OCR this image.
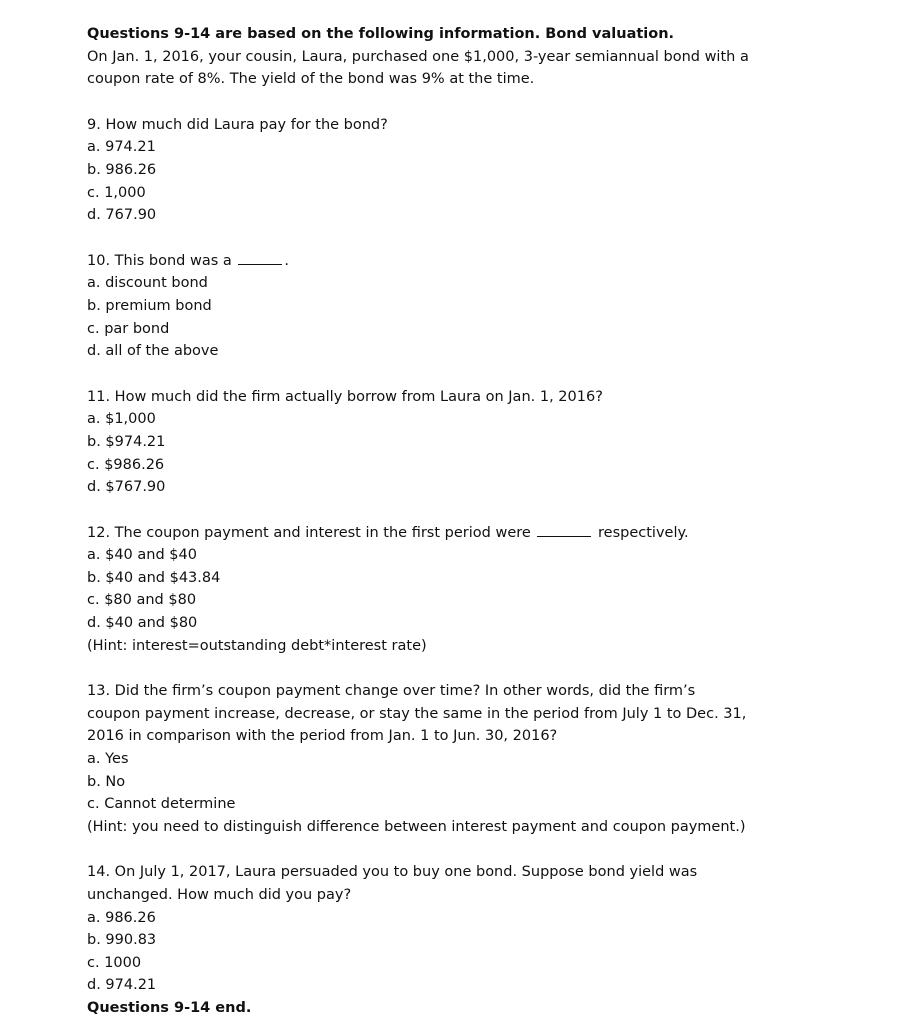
Questions 9-14 are based on the following information. Bond valuation.
On Jan. 1, 2016, your cousin, Laura, purchased one $1,000, 3-year semiannual bond with a
coupon rate of 8%. The yield of the bond was 9% at the time.
9. How much did Laura pay for the bond?
a. 974.21
b. 986.26
c. 1,000
d. 767.90
10. This bond was a	.
a. discount bond
b. premium bond
c. par bond
d. all of the above
11. How much did the firm actually borrow from Laura on Jan. 1, 2016?
a. $1,000
b. $974.21
c. $986.26
d. $767.90
12. The coupon payment and interest in the first period were	respectively.
a. $40 and $40
b. $40 and $43.84
c. $80 and $80
d. $40 and $80
(Hint: interest=outstanding debt*interest rate)
13. Did the firm’s coupon payment change over time? In other words, did the firm’s
coupon payment increase, decrease, or stay the same in the period from July 1 to Dec. 31,
2016 in comparison with the period from Jan. 1 to Jun. 30, 2016?
a. Yes
b. No
c. Cannot determine
(Hint: you need to distinguish difference between interest payment and coupon payment.)
14. On July 1, 2017, Laura persuaded you to buy one bond. Suppose bond yield was
unchanged. How much did you pay?
a. 986.26
b. 990.83
c. 1000
d. 974.21
Questions 9-14 end.
